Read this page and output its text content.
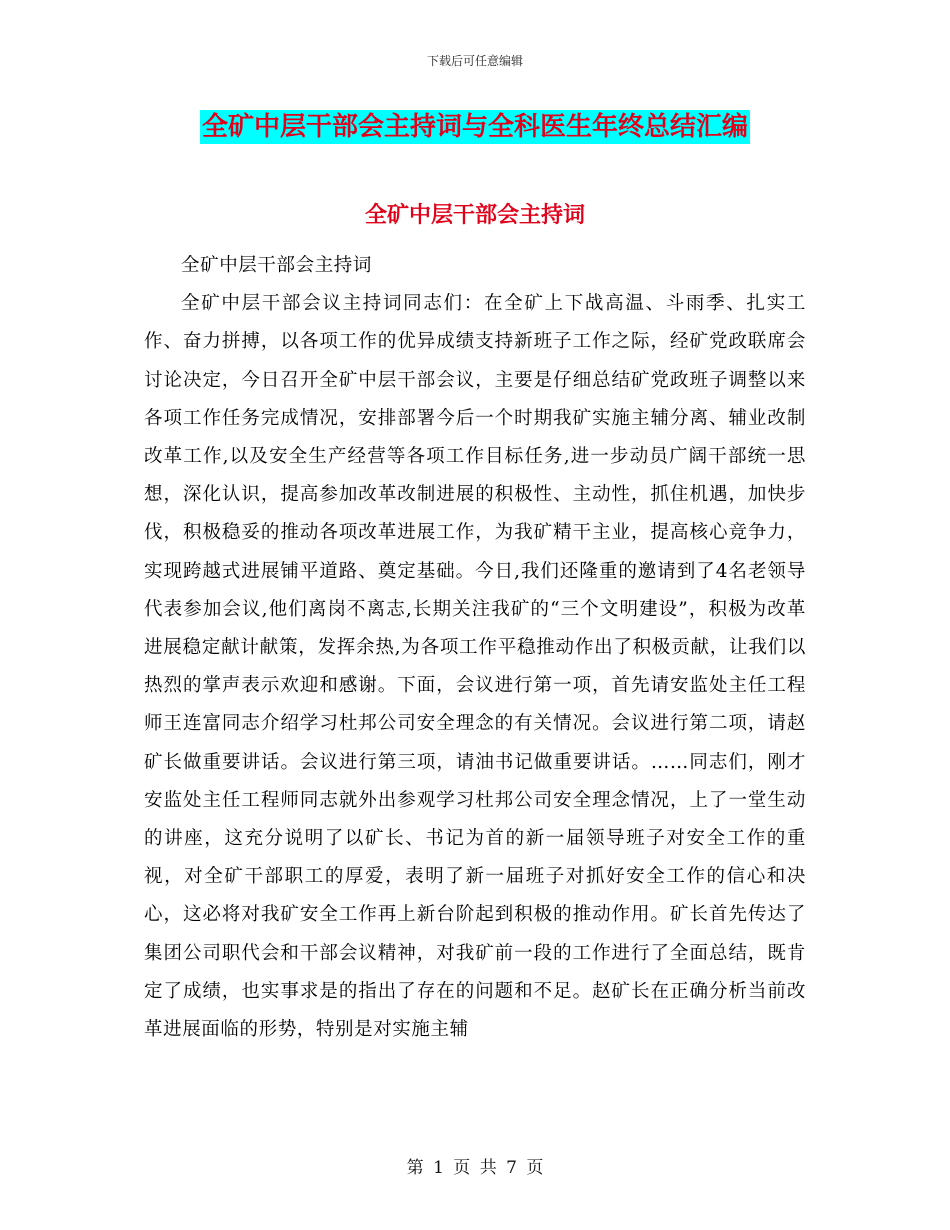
下载后可任意编辑
全矿中层干部会主持词与全科医生年终总结汇编
全矿中层干部会主持词

全矿中层干部会主持词

全矿中层干部会议主持词同志们：在全矿上下战高温、斗雨季、扎实工作、奋力拼搏，以各项工作的优异成绩支持新班子工作之际，经矿党政联席会讨论决定，今日召开全矿中层干部会议，主要是仔细总结矿党政班子调整以来各项工作任务完成情况，安排部署今后一个时期我矿实施主辅分离、辅业改制改革工作,以及安全生产经营等各项工作目标任务,进一步动员广阔干部统一思想，深化认识，提高参加改革改制进展的积极性、主动性，抓住机遇，加快步伐，积极稳妥的推动各项改革进展工作，为我矿精干主业，提高核心竞争力，实现跨越式进展铺平道路、奠定基础。今日,我们还隆重的邀请到了4名老领导代表参加会议,他们离岗不离志,长期关注我矿的“三个文明建设”，积极为改革进展稳定献计献策，发挥余热,为各项工作平稳推动作出了积极贡献，让我们以热烈的掌声表示欢迎和感谢。下面，会议进行第一项，首先请安监处主任工程师王连富同志介绍学习杜邦公司安全理念的有关情况。会议进行第二项，请赵矿长做重要讲话。会议进行第三项，请油书记做重要讲话。……同志们，刚才安监处主任工程师同志就外出参观学习杜邦公司安全理念情况，上了一堂生动的讲座，这充分说明了以矿长、书记为首的新一届领导班子对安全工作的重视，对全矿干部职工的厚爱，表明了新一届班子对抓好安全工作的信心和决心，这必将对我矿安全工作再上新台阶起到积极的推动作用。矿长首先传达了集团公司职代会和干部会议精神，对我矿前一段的工作进行了全面总结，既肯定了成绩，也实事求是的指出了存在的问题和不足。赵矿长在正确分析当前改革进展面临的形势，特别是对实施主辅

第 1 页 共 7 页
